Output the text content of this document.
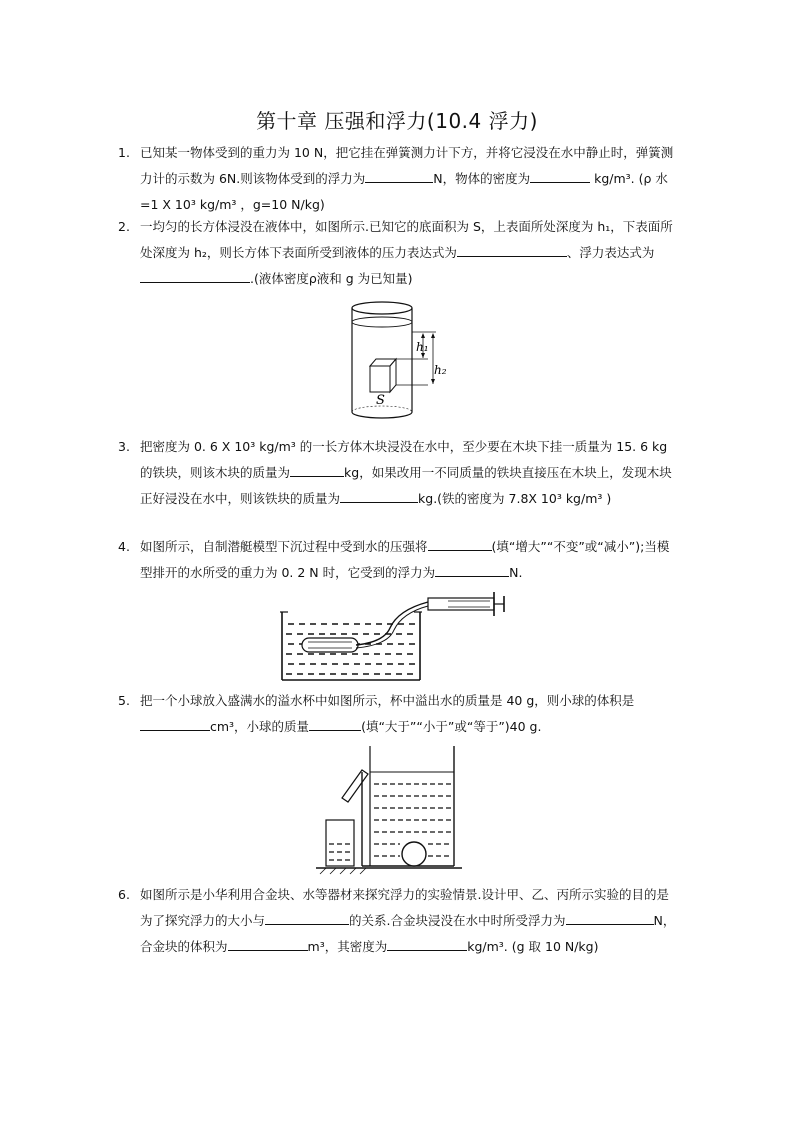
第十章 压强和浮力(10.4 浮力)
1. 已知某一物体受到的重力为 10 N，把它挂在弹簧测力计下方，并将它浸没在水中静止时，弹簧测力计的示数为 6N.则该物体受到的浮力为	N，物体的密度为	kg/m³. (ρ 水=1 X 10³ kg/m³ ，g=10 N/kg)
2. 一均匀的长方体浸没在液体中，如图所示.已知它的底面积为 S，上表面所处深度为 h₁，下表面所处深度为 h₂，则长方体下表面所受到液体的压力表达式为	、浮力表达式为.(液体密度ρ液和 g 为已知量)
h₁
h₂
S
3. 把密度为 0. 6 X 10³ kg/m³ 的一长方体木块浸没在水中，至少要在木块下挂一质量为 15. 6 kg 的铁块，则该木块的质量为	kg，如果改用一不同质量的铁块直接压在木块上，发现木块正好浸没在水中，则该铁块的质量为	kg.(铁的密度为 7.8X 10³ kg/m³ )
4. 如图所示，自制潜艇模型下沉过程中受到水的压强将	(填“增大”“不变”或“减小”);当模型排开的水所受的重力为 0. 2 N 时，它受到的浮力为	N.
5. 把一个小球放入盛满水的溢水杯中如图所示，杯中溢出水的质量是 40 g，则小球的体积是cm³，小球的质量	(填“大于”“小于”或“等于”)40 g.
6. 如图所示是小华利用合金块、水等器材来探究浮力的实验情景.设计甲、乙、丙所示实验的目的是为了探究浮力的大小与	的关系.合金块浸没在水中时所受浮力为	N，合金块的体积为	m³，其密度为	kg/m³. (g 取 10 N/kg)
